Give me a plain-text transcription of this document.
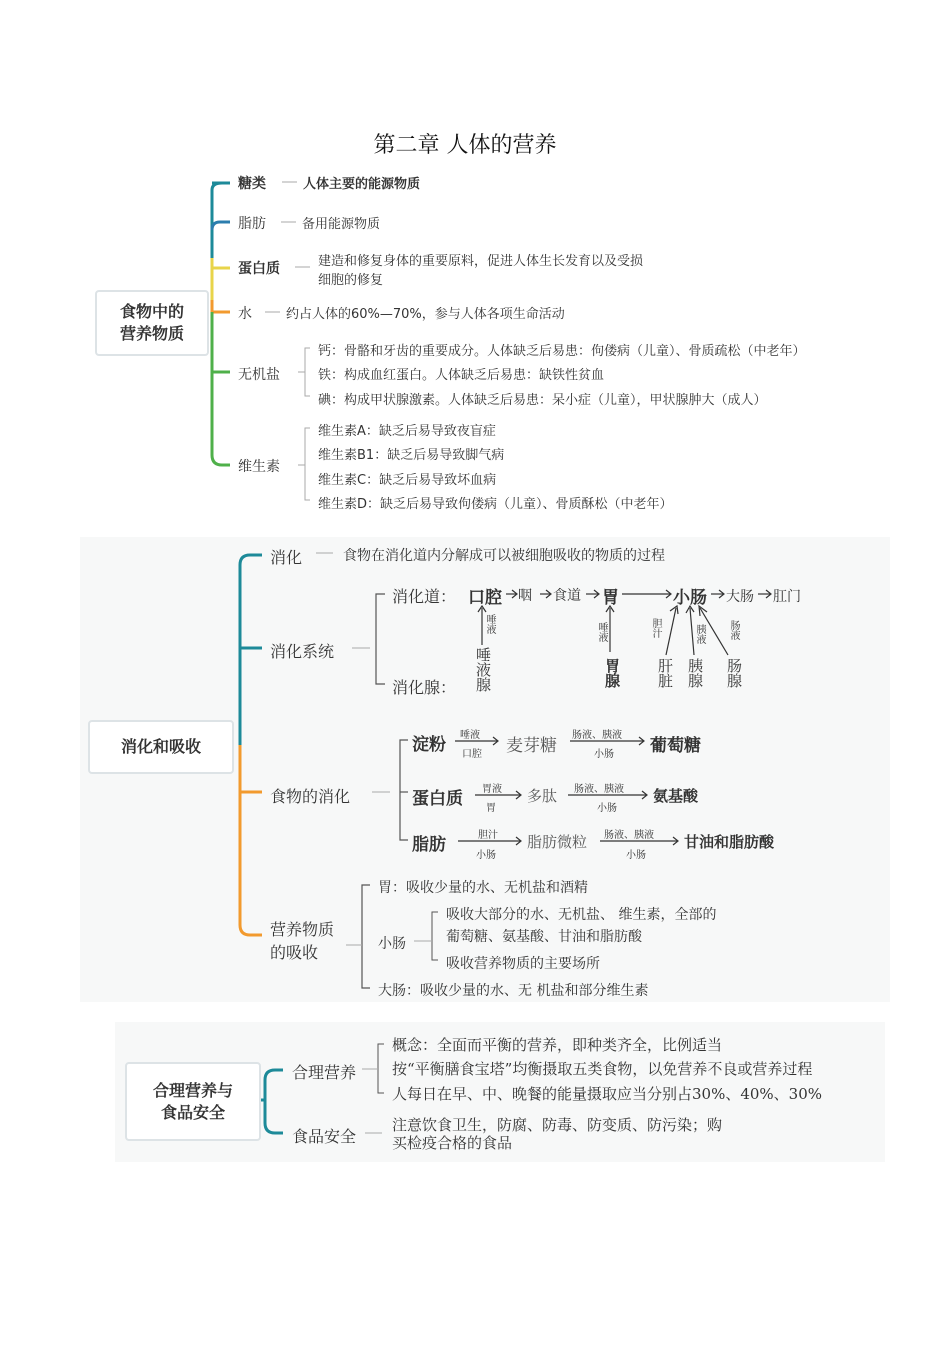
第二章 人体的营养
食物中的营养物质
糖类	人体主要的能源物质
脂肪	备用能源物质
蛋白质	建造和修复身体的重要原料，促进人体生长发育以及受损
细胞的修复
水	约占人体的60%—70%，参与人体各项生命活动
无机盐
钙：骨骼和牙齿的重要成分。人体缺乏后易患：佝偻病（儿童）、骨质疏松（中老年）
铁：构成血红蛋白。人体缺乏后易患：缺铁性贫血
碘：构成甲状腺激素。人体缺乏后易患：呆小症（儿童），甲状腺肿大（成人）
维生素
维生素A：缺乏后易导致夜盲症
维生素B1：缺乏后易导致脚气病
维生素C：缺乏后易导致坏血病
维生素D：缺乏后易导致佝偻病（儿童）、骨质酥松（中老年）
消化和吸收
消化	食物在消化道内分解成可以被细胞吸收的物质的过程
消化系统
消化道： 口腔 咽 食道 胃	小肠 大肠 肛门
消化腺：
唾液
唾液腺
唾液
胃腺
胆汁
肝脏
胰液
胰腺
肠液
肠腺
食物的消化
淀粉 唾液
口腔 麦芽糖
肠液、胰液
小肠 葡萄糖
蛋白质 胃液
胃
多肽 肠液、胰液
小肠
氨基酸
脂肪	胆汁
小肠
脂肪微粒 肠液、胰液
小肠
甘油和脂肪酸
营养物质
的吸收
胃：吸收少量的水、无机盐和酒精
小肠
吸收大部分的水、无机盐、 维生素，全部的
葡萄糖、氨基酸、甘油和脂肪酸
吸收营养物质的主要场所
大肠：吸收少量的水、无 机盐和部分维生素
合理营养与
食品安全
合理营养
概念：全面而平衡的营养，即种类齐全，比例适当
按“平衡膳食宝塔”均衡摄取五类食物，以免营养不良或营养过程
人每日在早、中、晚餐的能量摄取应当分别占30%、40%、30%
食品安全
注意饮食卫生，防腐、防毒、防变质、防污染；购
买检疫合格的食品
